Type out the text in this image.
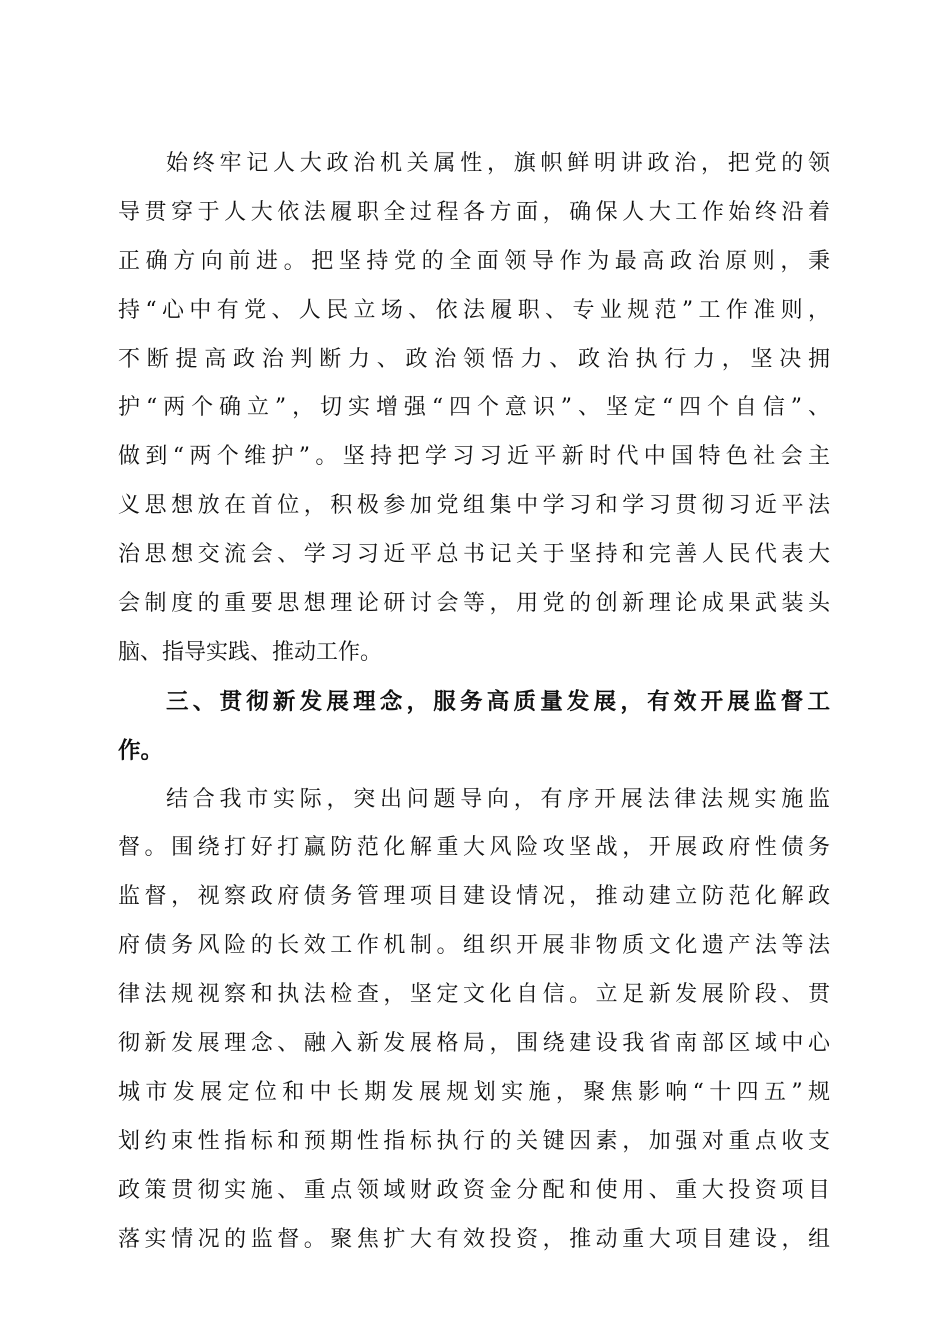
始终牢记人大政治机关属性，旗帜鲜明讲政治，把党的领
导贯穿于人大依法履职全过程各方面，确保人大工作始终沿着
正确方向前进。把坚持党的全面领导作为最高政治原则，秉
持“心中有党、人民立场、依法履职、专业规范”工作准则，
不断提高政治判断力、政治领悟力、政治执行力，坚决拥
护“两个确立”，切实增强“四个意识”、坚定“四个自信”、
做到“两个维护”。坚持把学习习近平新时代中国特色社会主
义思想放在首位，积极参加党组集中学习和学习贯彻习近平法
治思想交流会、学习习近平总书记关于坚持和完善人民代表大
会制度的重要思想理论研讨会等，用党的创新理论成果武装头
脑、指导实践、推动工作。
三、贯彻新发展理念，服务高质量发展，有效开展监督工
作。
结合我市实际，突出问题导向，有序开展法律法规实施监
督。围绕打好打赢防范化解重大风险攻坚战，开展政府性债务
监督，视察政府债务管理项目建设情况，推动建立防范化解政
府债务风险的长效工作机制。组织开展非物质文化遗产法等法
律法规视察和执法检查，坚定文化自信。立足新发展阶段、贯
彻新发展理念、融入新发展格局，围绕建设我省南部区域中心
城市发展定位和中长期发展规划实施，聚焦影响“十四五”规
划约束性指标和预期性指标执行的关键因素，加强对重点收支
政策贯彻实施、重点领域财政资金分配和使用、重大投资项目
落实情况的监督。聚焦扩大有效投资，推动重大项目建设，组
